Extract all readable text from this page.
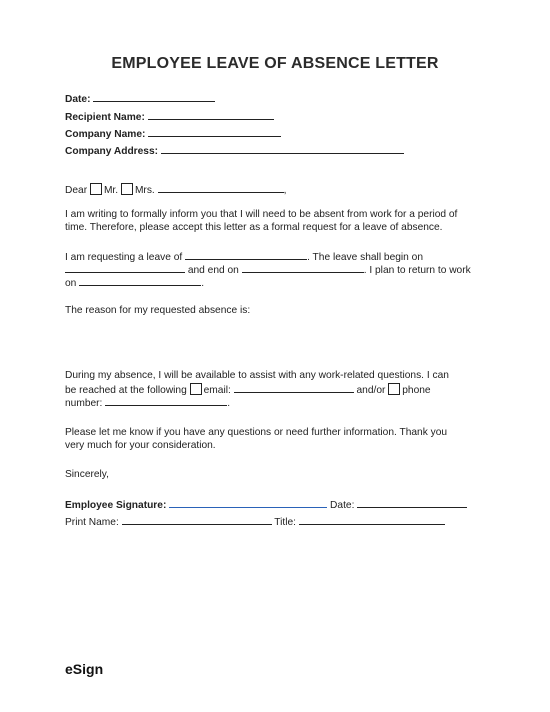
EMPLOYEE LEAVE OF ABSENCE LETTER
Date:
Recipient Name:
Company Name:
Company Address:
Dear Mr. Mrs.	,
I am writing to formally inform you that I will need to be absent from work for a period of
time. Therefore, please accept this letter as a formal request for a leave of absence.
I am requesting a leave of	. The leave shall begin on
and end on	. I plan to return to work
on	.
The reason for my requested absence is:
During my absence, I will be available to assist with any work-related questions. I can
be reached at the following email:	and/or phone
number:	.
Please let me know if you have any questions or need further information. Thank you
very much for your consideration.
Sincerely,
Employee Signature:	Date:
Print Name:	Title:
eSign
